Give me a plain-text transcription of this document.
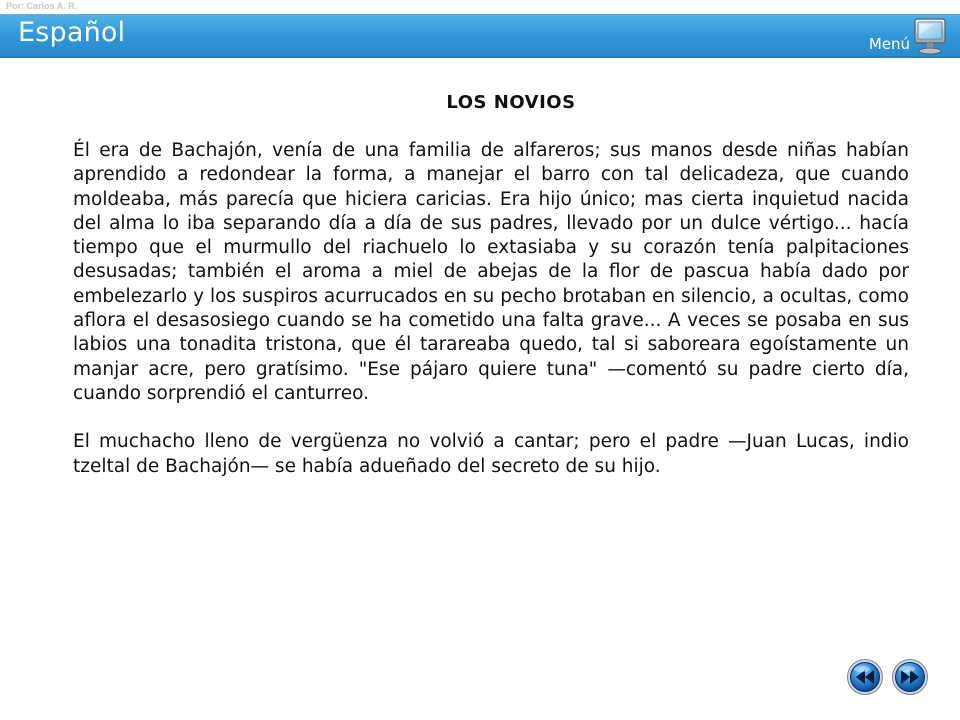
Por: Carlos A. R.
Español	Menú
LOS NOVIOS

Él era de Bachajón, venía de una familia de alfareros; sus manos desde niñas habían aprendido a redondear la forma, a manejar el barro con tal delicadeza, que cuando moldeaba, más parecía que hiciera caricias. Era hijo único; mas cierta inquietud nacida del alma lo iba separando día a día de sus padres, llevado por un dulce vértigo... hacía tiempo que el murmullo del riachuelo lo extasiaba y su corazón tenía palpitaciones desusadas; también el aroma a miel de abejas de la flor de pascua había dado por embelezarlo y los suspiros acurrucados en su pecho brotaban en silencio, a ocultas, como aflora el desasosiego cuando se ha cometido una falta grave... A veces se posaba en sus labios una tonadita tristona, que él tarareaba quedo, tal si saboreara egoístamente un manjar acre, pero gratísimo. "Ese pájaro quiere tuna" —comentó su padre cierto día, cuando sorprendió el canturreo.

El muchacho lleno de vergüenza no volvió a cantar; pero el padre —Juan Lucas, indio tzeltal de Bachajón— se había adueñado del secreto de su hijo.
